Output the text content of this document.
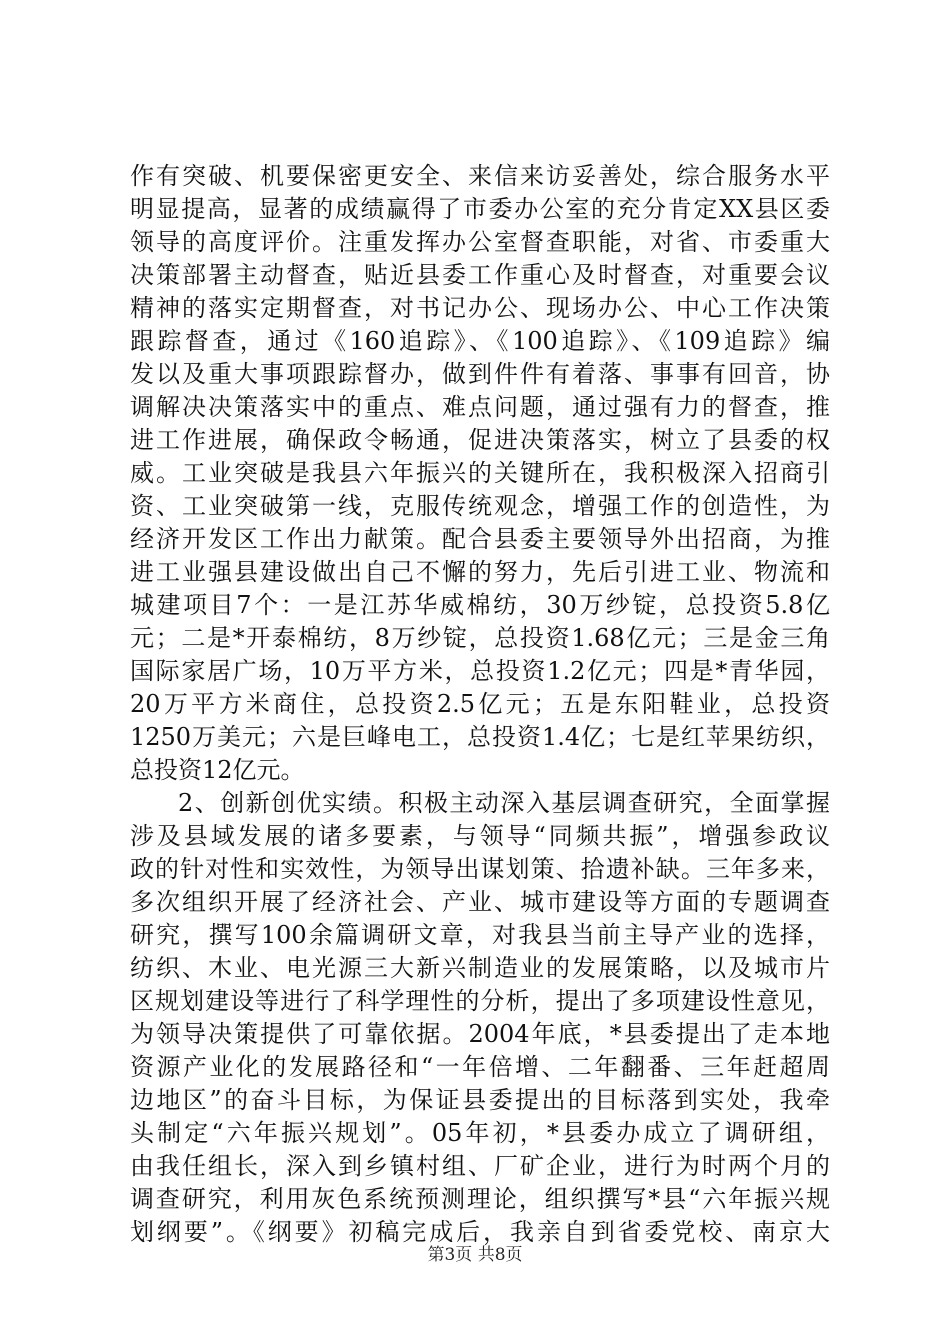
作有突破、机要保密更安全、来信来访妥善处，综合服务水平
明显提高，显著的成绩赢得了市委办公室的充分肯定XX县区委
领导的高度评价。注重发挥办公室督查职能，对省、市委重大
决策部署主动督查，贴近县委工作重心及时督查，对重要会议
精神的落实定期督查，对书记办公、现场办公、中心工作决策
跟踪督查，通过《160追踪》、《100追踪》、《109追踪》编
发以及重大事项跟踪督办，做到件件有着落、事事有回音，协
调解决决策落实中的重点、难点问题，通过强有力的督查，推
进工作进展，确保政令畅通，促进决策落实，树立了县委的权
威。工业突破是我县六年振兴的关键所在，我积极深入招商引
资、工业突破第一线，克服传统观念，增强工作的创造性，为
经济开发区工作出力献策。配合县委主要领导外出招商，为推
进工业强县建设做出自己不懈的努力，先后引进工业、物流和
城建项目7个：一是江苏华威棉纺，30万纱锭，总投资5.8亿
元；二是*开泰棉纺，8万纱锭，总投资1.68亿元；三是金三角
国际家居广场，10万平方米，总投资1.2亿元；四是*青华园，
20万平方米商住，总投资2.5亿元；五是东阳鞋业，总投资
1250万美元；六是巨峰电工，总投资1.4亿；七是红苹果纺织，
总投资12亿元。
2、创新创优实绩。积极主动深入基层调查研究，全面掌握
涉及县域发展的诸多要素，与领导“同频共振”，增强参政议
政的针对性和实效性，为领导出谋划策、拾遗补缺。三年多来，
多次组织开展了经济社会、产业、城市建设等方面的专题调查
研究，撰写100余篇调研文章，对我县当前主导产业的选择，
纺织、木业、电光源三大新兴制造业的发展策略，以及城市片
区规划建设等进行了科学理性的分析，提出了多项建设性意见，
为领导决策提供了可靠依据。2004年底，*县委提出了走本地
资源产业化的发展路径和“一年倍增、二年翻番、三年赶超周
边地区”的奋斗目标，为保证县委提出的目标落到实处，我牵
头制定“六年振兴规划”。05年初，*县委办成立了调研组，
由我任组长，深入到乡镇村组、厂矿企业，进行为时两个月的
调查研究，利用灰色系统预测理论，组织撰写*县“六年振兴规
划纲要”。《纲要》初稿完成后，我亲自到省委党校、南京大
第3页 共8页
